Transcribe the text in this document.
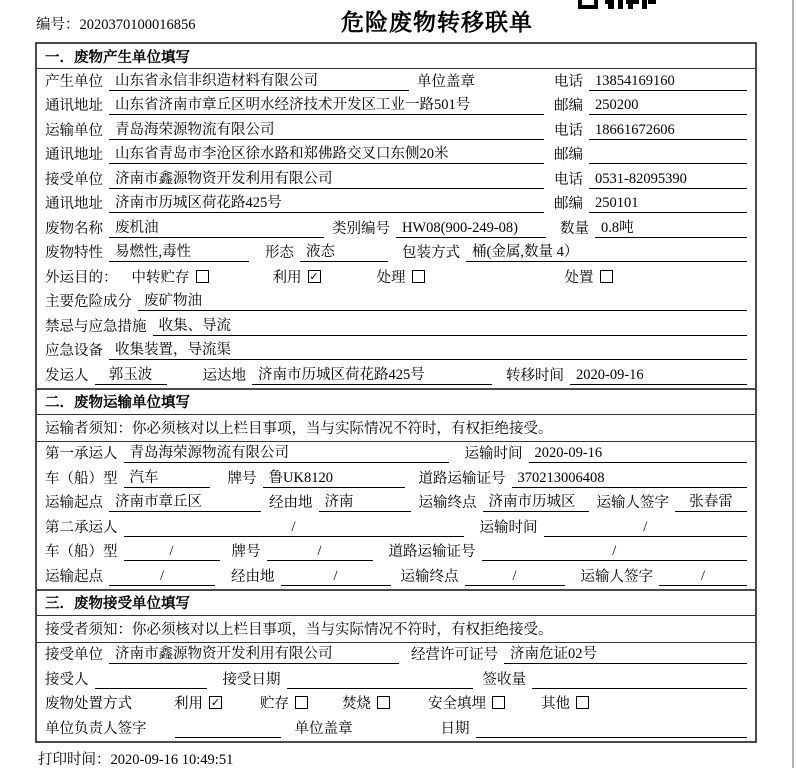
编号：2020370100016856	危险废物转移联单
一．废物产生单位填写
产生单位 山东省永信非织造材料有限公司	单位盖章	电话 13854169160
通讯地址 山东省济南市章丘区明水经济技术开发区工业一路501号	邮编 250200
运输单位 青岛海荣源物流有限公司	电话 18661672606
通讯地址 山东省青岛市李沧区徐水路和郑佛路交叉口东侧20米	邮编
接受单位 济南市鑫源物资开发利用有限公司	电话 0531-82095390
通讯地址 济南市历城区荷花路425号	邮编 250101
废物名称 废机油	类别编号 HW08(900-249-08)	数量 0.8吨
废物特性 易燃性,毒性	形态 液态	包装方式 桶(金属,数量 4）
外运目的： 中转贮存	利用 ✓	处理	处置
主要危险成分 废矿物油
禁忌与应急措施 收集、导流
应急设备 收集装置，导流渠
发运人	郭玉波	运达地 济南市历城区荷花路425号	转移时间 2020-09-16
二．废物运输单位填写
运输者须知：你必须核对以上栏目事项，当与实际情况不符时，有权拒绝接受。
第一承运人 青岛海荣源物流有限公司	运输时间 2020-09-16
车（船）型 汽车	牌号 鲁UK8120	道路运输证号 370213006408
运输起点 济南市章丘区	经由地 济南	运输终点 济南市历城区	运输人签字	张春雷
第二承运人	/	运输时间	/
车（船）型	/	牌号	/	道路运输证号	/
运输起点	/	经由地	/	运输终点	/	运输人签字	/
三．废物接受单位填写
接受者须知：你必须核对以上栏目事项，当与实际情况不符时，有权拒绝接受。
接受单位 济南市鑫源物资开发利用有限公司	经营许可证号 济南危证02号
接受人	接受日期	签收量
废物处置方式	利用 ✓	贮存	焚烧	安全填埋	其他
单位负责人签字	单位盖章	日期
打印时间：2020-09-16 10:49:51
